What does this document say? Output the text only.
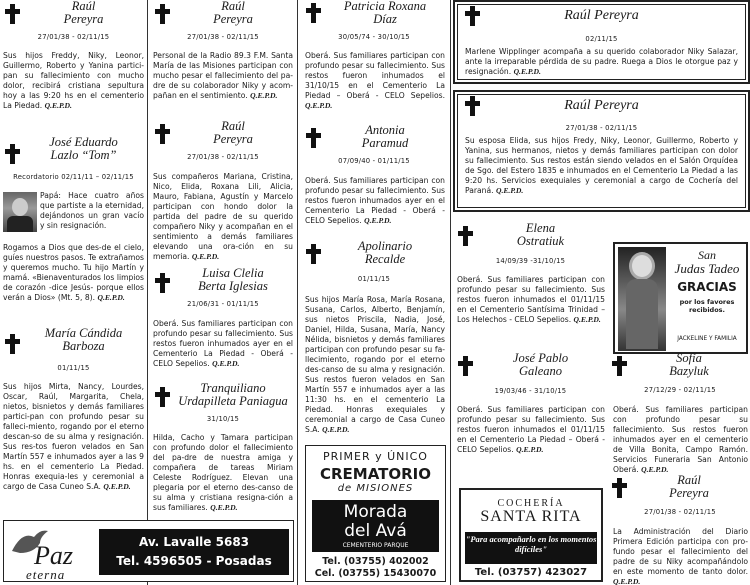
Raúl
Pereyra
27/01/38 - 02/11/15
Sus hijos Freddy, Niky, Leonor, Guillermo, Roberto y Yanina partici-pan su fallecimiento con mucho dolor, recibirá cristiana sepultura hoy a las 9:20 hs en el cementerio La Piedad. Q.E.P.D.
José Eduardo
Lazlo “Tom”
Recordatorio 02/11/11 – 02/11/15
Papá: Hace cuatro años que partiste a la eternidad, dejándonos un gran vacío y sin resignación.
Rogamos a Dios que des-de el cielo, guíes nuestros pasos. Te extrañamos y queremos mucho. Tu hijo Martín y mamá. «Bienaventurados los limpios de corazón -dice Jesús- porque ellos verán a Dios» (Mt. 5, 8). Q.E.P.D.
María Cándida
Barboza
01/11/15
Sus hijos Mirta, Nancy, Lourdes, Oscar, Raúl, Margarita, Chela, nietos, bisnietos y demás familiares partici-pan con profundo pesar su falleci-miento, rogando por el eterno descan-so de su alma y resignación. Sus res-tos fueron velados en San Martín 557 e inhumados ayer a las 9 hs. en el cementerio La Piedad. Honras exequia-les y ceremonial a cargo de Casa Cuneo S.A. Q.E.P.D.
Raúl
Pereyra
27/01/38 - 02/11/15
Personal de la Radio 89.3 F.M. Santa María de las Misiones participan con mucho pesar el fallecimiento del pa-dre de su colaborador Niky y acom-pañan en el sentimiento. Q.E.P.D.
Raúl
Pereyra
27/01/38 - 02/11/15
Sus compañeros Mariana, Cristina, Nico, Elida, Roxana Lili, Alicia, Mauro, Fabiana, Agustín y Marcelo participan con hondo dolor la partida del padre de su querido compañero Niky y acompañan en el sentimiento a demás familiares elevando una ora-ción en su memoria. Q.E.P.D.
Luisa Clelia
Berta Iglesias
21/06/31 - 01/11/15
Oberá. Sus familiares participan con profundo pesar su fallecimiento. Sus restos fueron inhumados ayer en el Cementerio La Piedad - Oberá - CELO Sepelios. Q.E.P.D.
Tranquiliano
Urdapilleta Paniagua
31/10/15
Hilda, Cacho y Tamara participan con profundo dolor el fallecimiento del pa-dre de nuestra amiga y compañera de tareas Miriam Celeste Rodríguez. Elevan una plegaria por el eterno des-canso de su alma y cristiana resigna-ción a sus familiares. Q.E.P.D.
Patricia Roxana
Díaz
30/05/74 - 30/10/15
Oberá. Sus familiares participan con profundo pesar su fallecimiento. Sus restos fueron inhumados el 31/10/15 en el Cementerio La Piedad – Oberá - CELO Sepelios. Q.E.P.D.
Antonia
Paramud
07/09/40 - 01/11/15
Oberá. Sus familiares participan con profundo pesar su fallecimiento. Sus restos fueron inhumados ayer en el Cementerio La Piedad - Oberá - CELO Sepelios. Q.E.P.D.
Apolinario
Recalde
01/11/15
Sus hijos María Rosa, María Rosana, Susana, Carlos, Alberto, Benjamín, sus nietos Priscila, Nadia, José, Daniel, Hilda, Susana, María, Nancy Nélida, bisnietos y demás familiares participan con profundo pesar su fa-llecimiento, rogando por el eterno des-canso de su alma y resignación. Sus restos fueron velados en San Martín 557 e inhumados ayer a las 11:30 hs. en el cementerio La Piedad. Honras exequiales y ceremonial a cargo de Casa Cuneo S.A. Q.E.P.D.
PRIMER y ÚNICO
CREMATORIO
de MISIONES
Morada
del Avá
CEMENTERIO PARQUE
Tel. (03755) 402002
Cel. (03755) 15430070
Raúl Pereyra
02/11/15
Marlene Wipplinger acompaña a su querido colaborador Niky Salazar, ante la irreparable pérdida de su padre. Ruega a Dios le otorgue paz y resignación. Q.E.P.D.
Raúl Pereyra
27/01/38 - 02/11/15
Su esposa Elida, sus hijos Fredy, Niky, Leonor, Guillermo, Roberto y Yanina, sus hermanos, nietos y demás familiares participan con dolor su fallecimiento. Sus restos están siendo velados en el Salón Orquídea de Sgo. del Estero 1835 e inhumados en el Cementerio La Piedad a las 9:20 hs. Servicios exequiales y ceremonial a cargo de Cochería del Paraná. Q.E.P.D.
Elena
Ostratiuk
14/09/39 -31/10/15
Oberá. Sus familiares participan con profundo pesar su fallecimiento. Sus restos fueron inhumados el 01/11/15 en el Cementerio Santísima Trinidad – Los Helechos - CELO Sepelios. Q.E.P.D.
José Pablo
Galeano
19/03/46 - 31/10/15
Oberá. Sus familiares participan con profundo pesar su fallecimiento. Sus restos fueron inhumados el 01/11/15 en el Cementerio La Piedad – Oberá - CELO Sepelios. Q.E.P.D.
COCHERÍA
SANTA RITA
"Para acompañarlo en los momentos difíciles"
Tel. (03757) 423027
San
Judas Tadeo
GRACIAS
por los favores recibidos.
JACKELINE Y FAMILIA
Sofía
Bazyluk
27/12/29 - 02/11/15
Oberá. Sus familiares participan con profundo pesar su fallecimiento. Sus restos fueron inhumados ayer en el cementerio de Villa Bonita, Campo Ramón. Servicios Funeraria San Antonio Oberá. Q.E.P.D.
Raúl
Pereyra
27/01/38 - 02/11/15
La Administración del Diario Primera Edición participa con pro-fundo pesar el fallecimiento del padre de su Niky acompañándolo en este momento de tanto dolor. Q.E.P.D.
Paz
eterna
Av. Lavalle 5683
Tel. 4596505 - Posadas
